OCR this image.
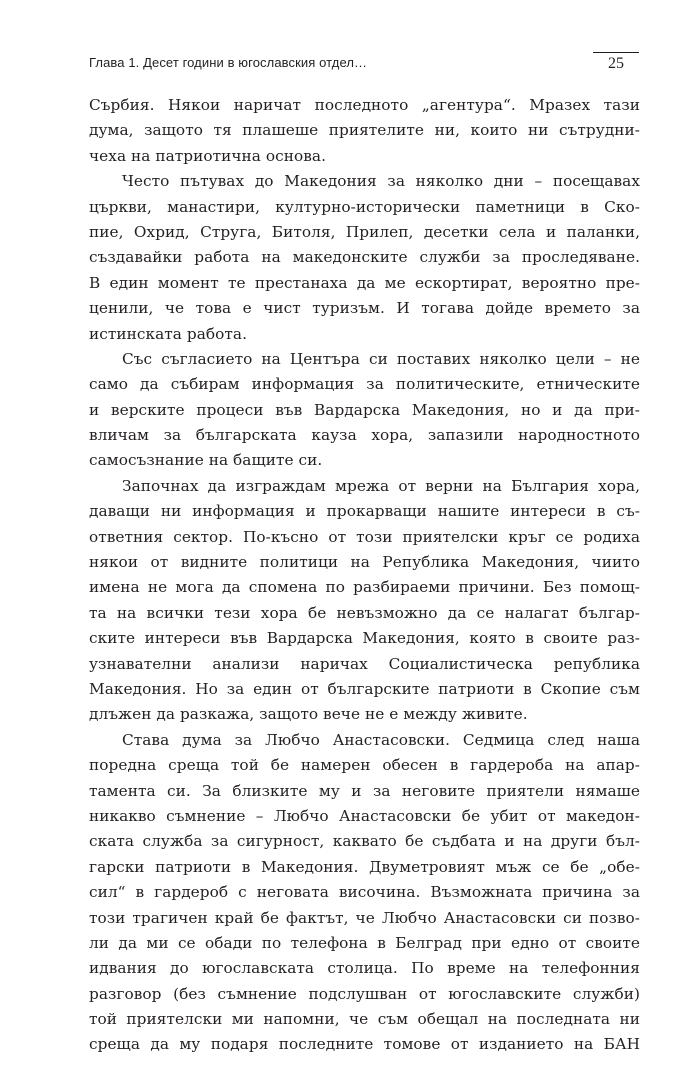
Глава 1. Десет години в югославския отдел…	25
Сърбия. Някои наричат последното „агентура“. Мразех тази
дума, защото тя плашеше приятелите ни, които ни сътрудни-
чеха на патриотична основа.
Често пътувах до Македония за няколко дни – посещавах
църкви, манастири, културно-исторически паметници в Ско-
пие, Охрид, Струга, Битоля, Прилеп, десетки села и паланки,
създавайки работа на македонските служби за проследяване.
В един момент те престанаха да ме ескортират, вероятно пре-
ценили, че това е чист туризъм. И тогава дойде времето за
истинската работа.
Със съгласието на Центъра си поставих няколко цели – не
само да събирам информация за политическите, етническите
и верските процеси във Вардарска Македония, но и да при-
вличам за българската кауза хора, запазили народностното
самосъзнание на бащите си.
Започнах да изграждам мрежа от верни на България хора,
даващи ни информация и прокарващи нашите интереси в съ-
ответния сектор. По-късно от този приятелски кръг се родиха
някои от видните политици на Република Македония, чиито
имена не мога да спомена по разбираеми причини. Без помощ-
та на всички тези хора бе невъзможно да се налагат българ-
ските интереси във Вардарска Македония, която в своите раз-
узнавателни анализи наричах Социалистическа република
Македония. Но за един от българските патриоти в Скопие съм
длъжен да разкажа, защото вече не е между живите.
Става дума за Любчо Анастасовски. Седмица след наша
поредна среща той бе намерен обесен в гардероба на апар-
тамента си. За близките му и за неговите приятели нямаше
никакво съмнение – Любчо Анастасовски бе убит от македон-
ската служба за сигурност, каквато бе съдбата и на други бъл-
гарски патриоти в Македония. Двуметровият мъж се бе „обе-
сил“ в гардероб с неговата височина. Възможната причина за
този трагичен край бе фактът, че Любчо Анастасовски си позво-
ли да ми се обади по телефона в Белград при едно от своите
идвания до югославската столица. По време на телефонния
разговор (без съмнение подслушван от югославските служби)
той приятелски ми напомни, че съм обещал на последната ни
среща да му подаря последните томове от изданието на БАН
